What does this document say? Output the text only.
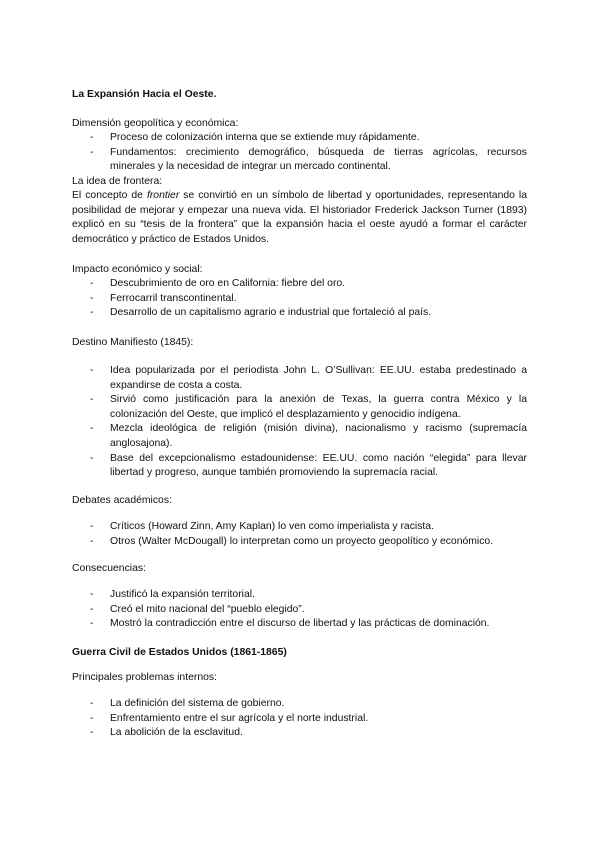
La Expansión Hacia el Oeste.
Dimensión geopolítica y económica:
- Proceso de colonización interna que se extiende muy rápidamente.
- Fundamentos: crecimiento demográfico, búsqueda de tierras agrícolas, recursos minerales y la necesidad de integrar un mercado continental.
La idea de frontera:

El concepto de frontier se convirtió en un símbolo de libertad y oportunidades, representando la posibilidad de mejorar y empezar una nueva vida. El historiador Frederick Jackson Turner (1893) explicó en su “tesis de la frontera” que la expansión hacia el oeste ayudó a formar el carácter democrático y práctico de Estados Unidos.

Impacto económico y social:
- Descubrimiento de oro en California: fiebre del oro.
- Ferrocarril transcontinental.
- Desarrollo de un capitalismo agrario e industrial que fortaleció al país.
Destino Manifiesto (1845):
- Idea popularizada por el periodista John L. O’Sullivan: EE.UU. estaba predestinado a expandirse de costa a costa.
- Sirvió como justificación para la anexión de Texas, la guerra contra México y la colonización del Oeste, que implicó el desplazamiento y genocidio indígena.
- Mezcla ideológica de religión (misión divina), nacionalismo y racismo (supremacía anglosajona).
- Base del excepcionalismo estadounidense: EE.UU. como nación “elegida” para llevar libertad y progreso, aunque también promoviendo la supremacía racial.
Debates académicos:
- Críticos (Howard Zinn, Amy Kaplan) lo ven como imperialista y racista.
- Otros (Walter McDougall) lo interpretan como un proyecto geopolítico y económico.
Consecuencias:
- Justificó la expansión territorial.
- Creó el mito nacional del “pueblo elegido”.
- Mostró la contradicción entre el discurso de libertad y las prácticas de dominación.
Guerra Civil de Estados Unidos (1861-1865)
Principales problemas internos:
- La definición del sistema de gobierno.
- Enfrentamiento entre el sur agrícola y el norte industrial.
- La abolición de la esclavitud.
